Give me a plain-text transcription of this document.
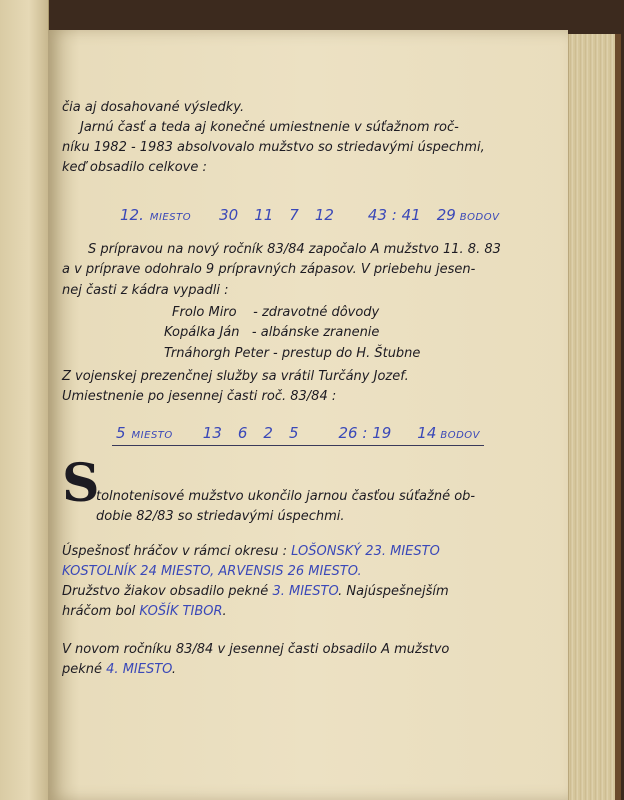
čia aj dosahované výsledky.
Jarnú časť a teda aj konečné umiestnenie v súťažnom roč-
níku 1982 - 1983 absolvovalo mužstvo so striedavými úspechmi,
keď obsadilo celkove :
12. MIESTO 30 11 7 12 43 : 41 29 BODOV
S prípravou na nový ročník 83/84 započalo A mužstvo 11. 8. 83
a v príprave odohralo 9 prípravných zápasov. V priebehu jesen-
nej časti z kádra vypadli :
Frolo Miro    - zdravotné dôvody
Kopálka Ján   - albánske zranenie
Trnáhorgh Peter - prestup do H. Štubne
Z vojenskej prezenčnej služby sa vrátil Turčány Jozef.
Umiestnenie po jesennej časti roč. 83/84 :
5 MIESTO 13 6 2 5	26 : 19 14 BODOV
S
tolnotenisové mužstvo ukončilo jarnou časťou súťažné ob-
dobie 82/83 so striedavými úspechmi.
Úspešnosť hráčov v rámci okresu : LOŠONSKÝ 23. MIESTO
KOSTOLNÍK 24 MIESTO, ARVENSIS 26 MIESTO.
Družstvo žiakov obsadilo pekné 3. MIESTO. Najúspešnejším
hráčom bol KOŠÍK TIBOR.
V novom ročníku 83/84 v jesennej časti obsadilo A mužstvo
pekné 4. MIESTO.
